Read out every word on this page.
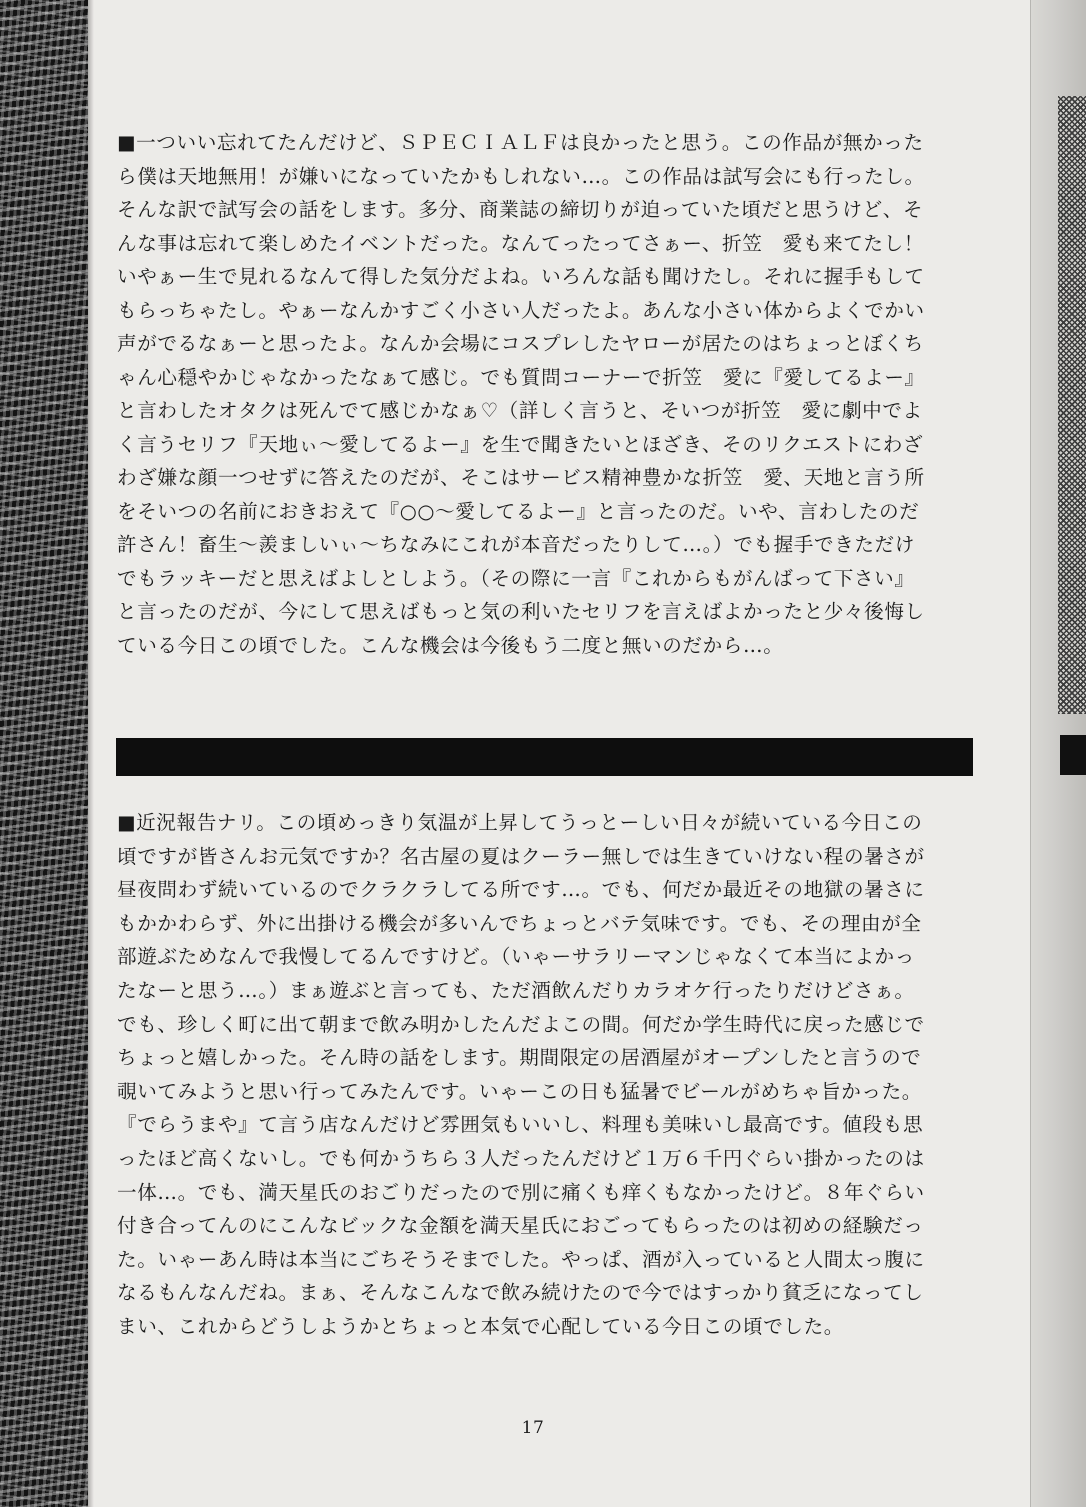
■一ついい忘れてたんだけど、ＳＰＥＣＩＡＬＦは良かったと思う。この作品が無かった
ら僕は天地無用！が嫌いになっていたかもしれない…。この作品は試写会にも行ったし。
そんな訳で試写会の話をします。多分、商業誌の締切りが迫っていた頃だと思うけど、そ
んな事は忘れて楽しめたイベントだった。なんてったってさぁー、折笠　愛も来てたし！
いやぁー生で見れるなんて得した気分だよね。いろんな話も聞けたし。それに握手もして
もらっちゃたし。やぁーなんかすごく小さい人だったよ。あんな小さい体からよくでかい
声がでるなぁーと思ったよ。なんか会場にコスプレしたヤローが居たのはちょっとぼくち
ゃん心穏やかじゃなかったなぁて感じ。でも質問コーナーで折笠　愛に『愛してるよー』
と言わしたオタクは死んでて感じかなぁ♡（詳しく言うと、そいつが折笠　愛に劇中でよ
く言うセリフ『天地ぃ～愛してるよー』を生で聞きたいとほざき、そのリクエストにわざ
わざ嫌な顔一つせずに答えたのだが、そこはサービス精神豊かな折笠　愛、天地と言う所
をそいつの名前におきおえて『○○～愛してるよー』と言ったのだ。いや、言わしたのだ
許さん！畜生～羨ましいぃ～ちなみにこれが本音だったりして…。）でも握手できただけ
でもラッキーだと思えばよしとしよう。（その際に一言『これからもがんばって下さい』
と言ったのだが、今にして思えばもっと気の利いたセリフを言えばよかったと少々後悔し
ている今日この頃でした。こんな機会は今後もう二度と無いのだから…。
■近況報告ナリ。この頃めっきり気温が上昇してうっとーしい日々が続いている今日この
頃ですが皆さんお元気ですか？名古屋の夏はクーラー無しでは生きていけない程の暑さが
昼夜問わず続いているのでクラクラしてる所です…。でも、何だか最近その地獄の暑さに
もかかわらず、外に出掛ける機会が多いんでちょっとバテ気味です。でも、その理由が全
部遊ぶためなんで我慢してるんですけど。（いゃーサラリーマンじゃなくて本当によかっ
たなーと思う…。）まぁ遊ぶと言っても、ただ酒飲んだりカラオケ行ったりだけどさぁ。
でも、珍しく町に出て朝まで飲み明かしたんだよこの間。何だか学生時代に戻った感じで
ちょっと嬉しかった。そん時の話をします。期間限定の居酒屋がオープンしたと言うので
覗いてみようと思い行ってみたんです。いゃーこの日も猛暑でビールがめちゃ旨かった。
『でらうまや』て言う店なんだけど雰囲気もいいし、料理も美味いし最高です。値段も思
ったほど高くないし。でも何かうちら３人だったんだけど１万６千円ぐらい掛かったのは
一体…。でも、満天星氏のおごりだったので別に痛くも痒くもなかったけど。８年ぐらい
付き合ってんのにこんなビックな金額を満天星氏におごってもらったのは初めの経験だっ
た。いゃーあん時は本当にごちそうそまでした。やっぱ、酒が入っていると人間太っ腹に
なるもんなんだね。まぁ、そんなこんなで飲み続けたので今ではすっかり貧乏になってし
まい、これからどうしようかとちょっと本気で心配している今日この頃でした。
17
